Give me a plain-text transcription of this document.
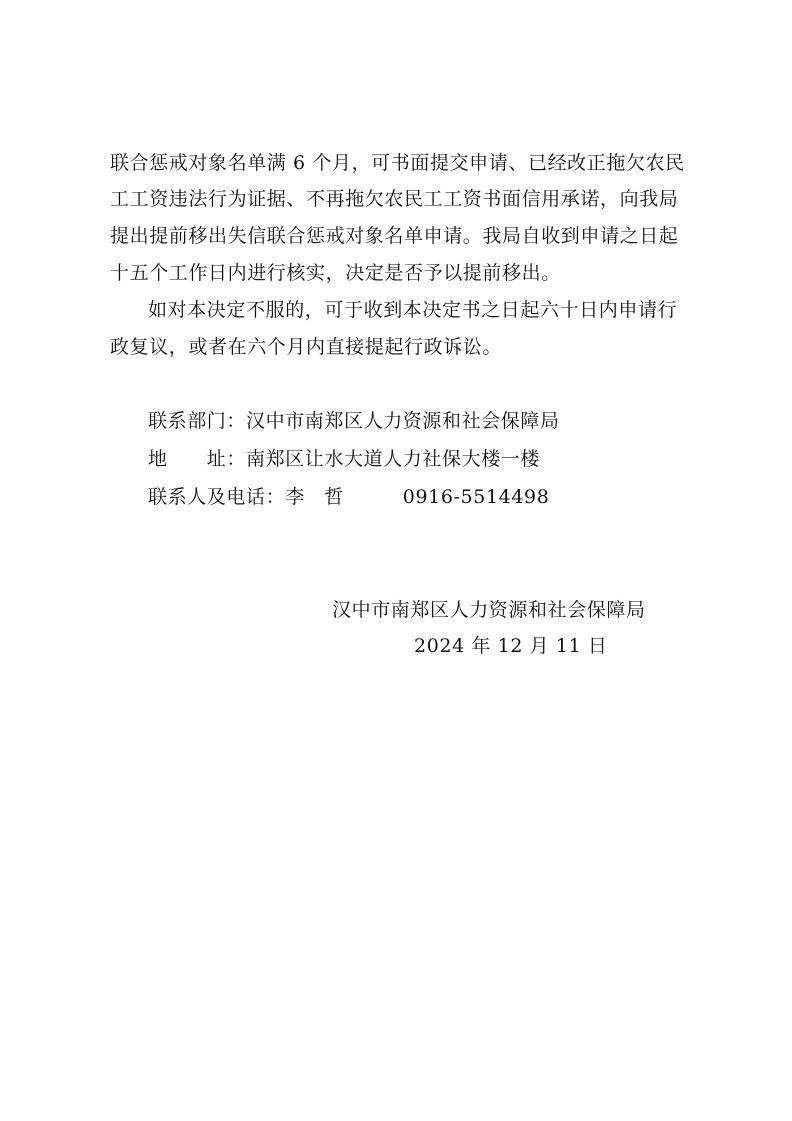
联合惩戒对象名单满 6 个月，可书面提交申请、已经改正拖欠农民
工工资违法行为证据、不再拖欠农民工工资书面信用承诺，向我局
提出提前移出失信联合惩戒对象名单申请。我局自收到申请之日起
十五个工作日内进行核实，决定是否予以提前移出。
如对本决定不服的，可于收到本决定书之日起六十日内申请行
政复议，或者在六个月内直接提起行政诉讼。
联系部门：汉中市南郑区人力资源和社会保障局
地　　址：南郑区让水大道人力社保大楼一楼
联系人及电话：李　哲　　　0916-5514498
汉中市南郑区人力资源和社会保障局
2024 年 12 月 11 日
